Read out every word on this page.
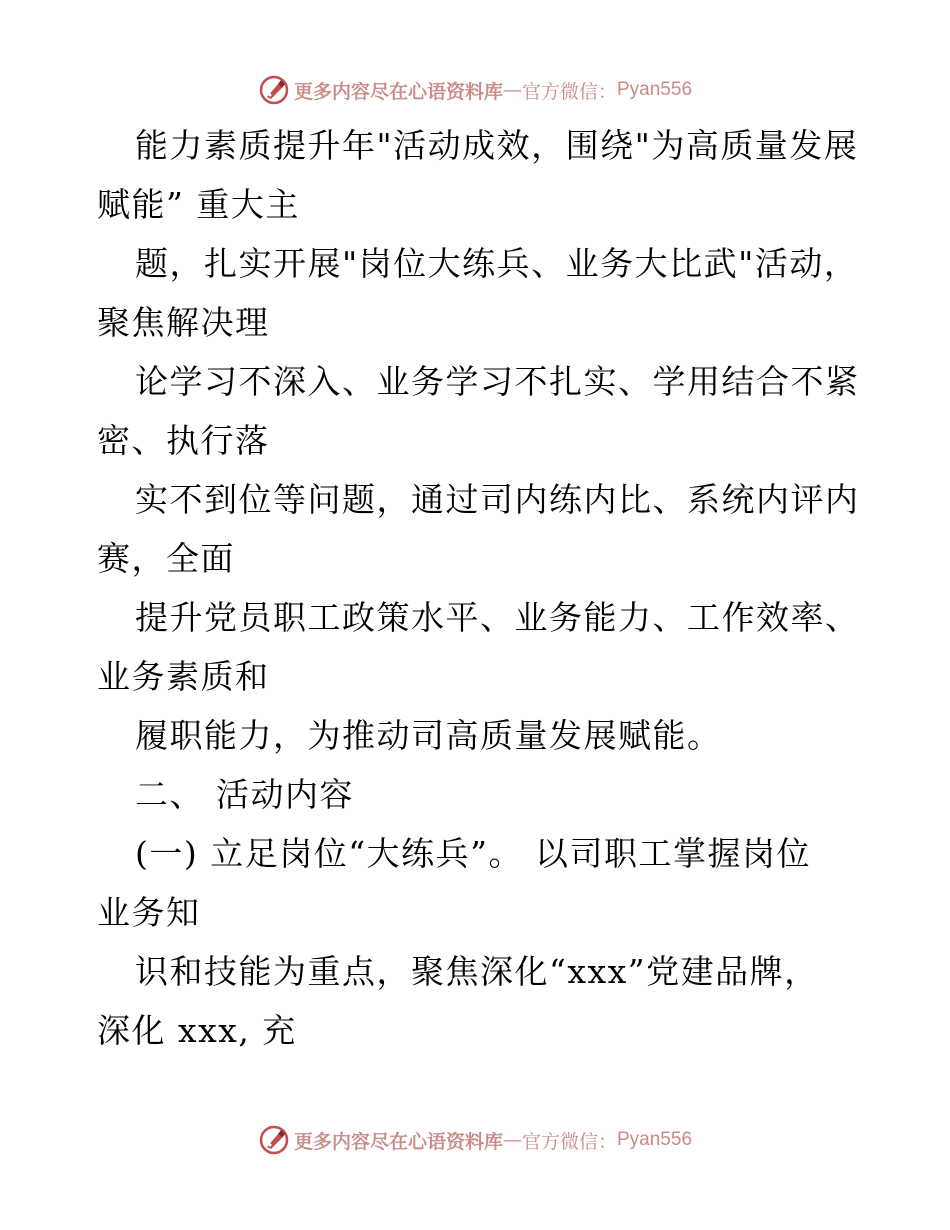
更多内容尽在心语资料库 — 官方微信： Pyan556
能力素质提升年"活动成效，围绕"为高质量发展
赋能” 重大主
题，扎实开展"岗位大练兵、业务大比武"活动，
聚焦解决理
论学习不深入、业务学习不扎实、学用结合不紧
密、执行落
实不到位等问题，通过司内练内比、系统内评内
赛，全面
提升党员职工政策水平、业务能力、工作效率、
业务素质和
履职能力，为推动司高质量发展赋能。
二、 活动内容
(一) 立足岗位“大练兵”。 以司职工掌握岗位
业务知
识和技能为重点，聚焦深化“xxx”党建品牌，
深化 xxx, 充
更多内容尽在心语资料库 — 官方微信： Pyan556
